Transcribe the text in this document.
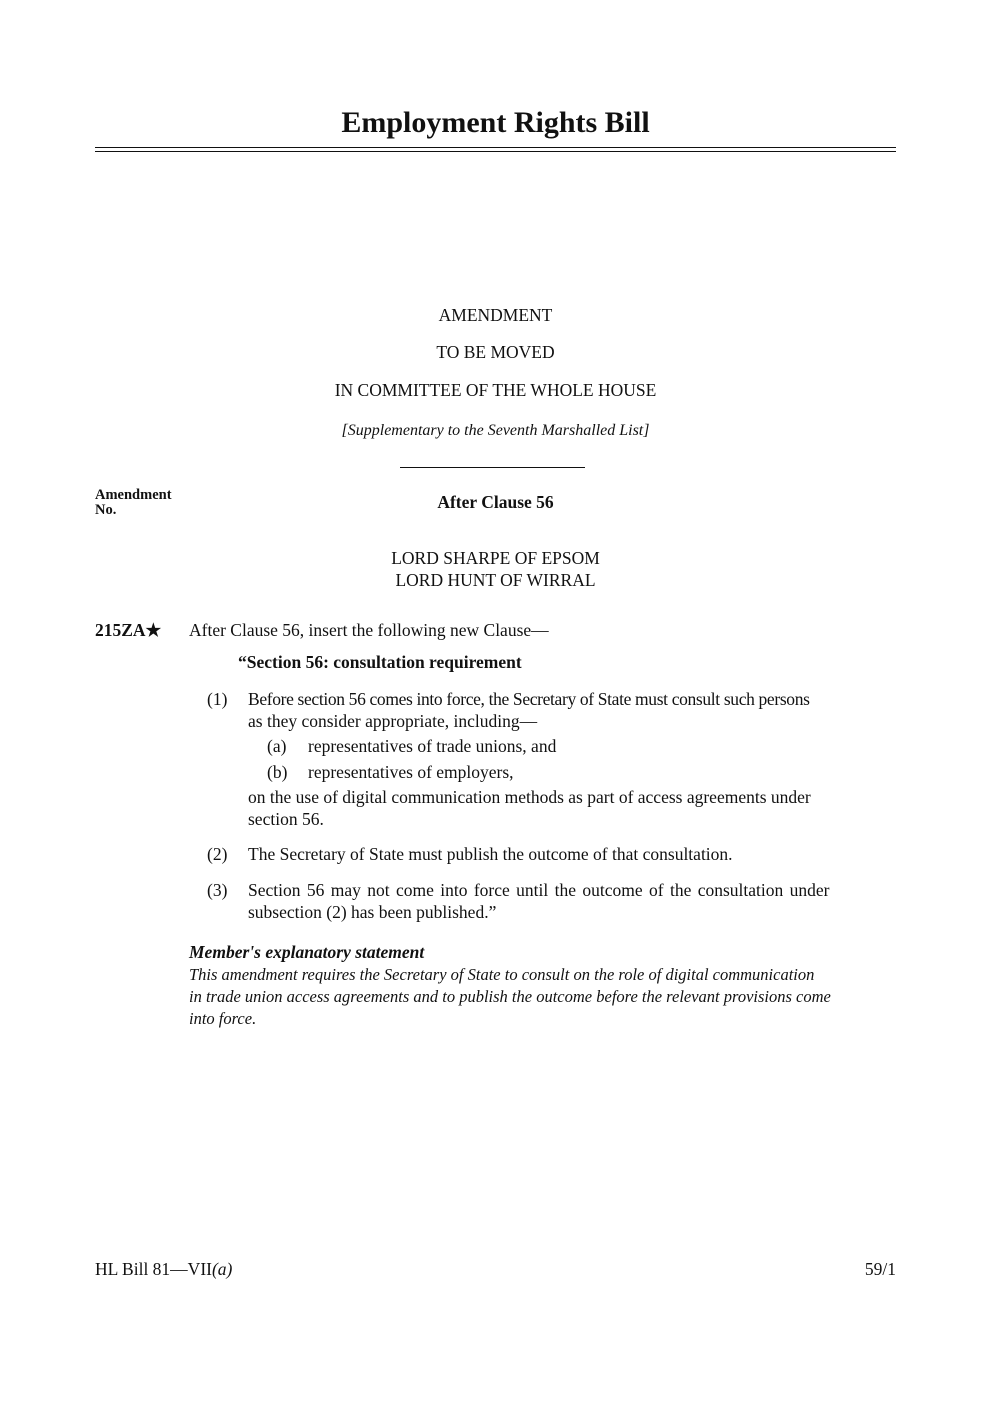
Employment Rights Bill
AMENDMENT
TO BE MOVED
IN COMMITTEE OF THE WHOLE HOUSE
[Supplementary to the Seventh Marshalled List]
Amendment
No.	After Clause 56
LORD SHARPE OF EPSOM
LORD HUNT OF WIRRAL
215ZA★ After Clause 56, insert the following new Clause—
“Section 56: consultation requirement
(1) Before section 56 comes into force, the Secretary of State must consult such persons
as they consider appropriate, including—
(a) representatives of trade unions, and
(b) representatives of employers,
on the use of digital communication methods as part of access agreements under
section 56.
(2) The Secretary of State must publish the outcome of that consultation.
(3) Section 56 may not come into force until the outcome of the consultation under
subsection (2) has been published.”
Member's explanatory statement
This amendment requires the Secretary of State to consult on the role of digital communication
in trade union access agreements and to publish the outcome before the relevant provisions come
into force.
HL Bill 81—VII(a)	59/1
